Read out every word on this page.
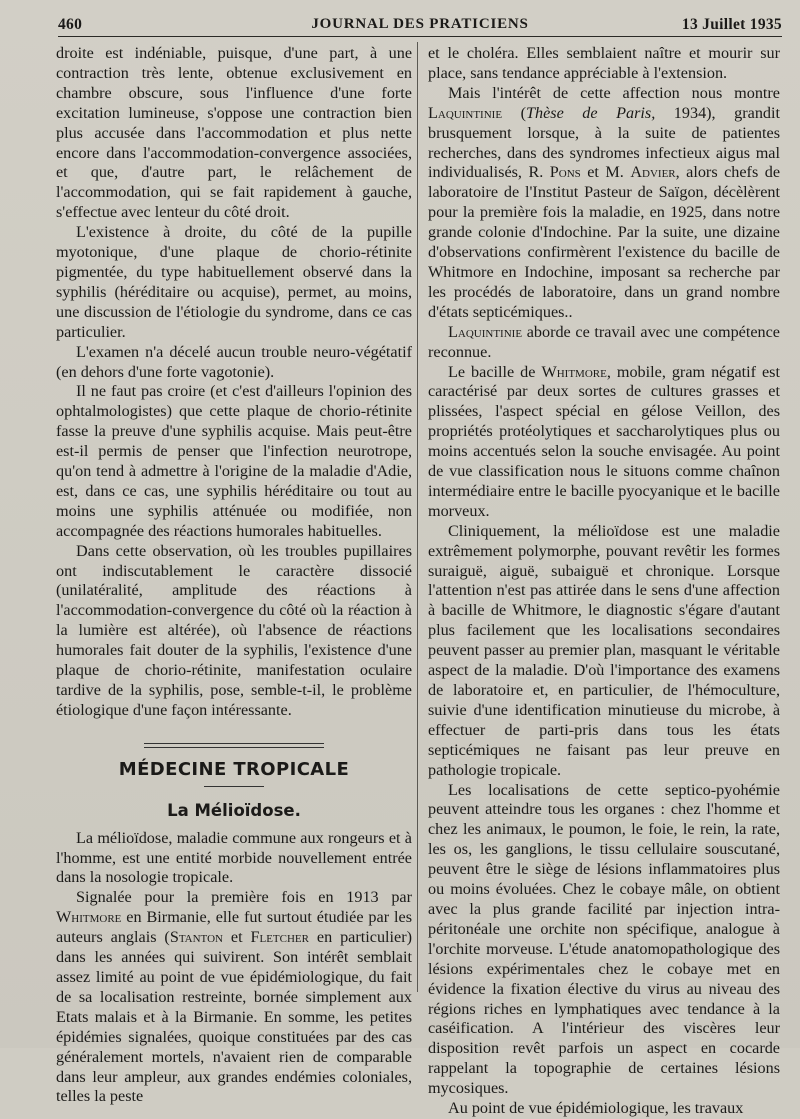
460	JOURNAL DES PRATICIENS	13 Juillet 1935

droite est indéniable, puisque, d'une part, à une contraction très lente, obtenue exclusivement en chambre obscure, sous l'influence d'une forte excitation lumineuse, s'oppose une contraction bien plus accusée dans l'accommodation et plus nette encore dans l'accommodation-convergence associées, et que, d'autre part, le relâchement de l'accommodation, qui se fait rapidement à gauche, s'effectue avec lenteur du côté droit.

L'existence à droite, du côté de la pupille myotonique, d'une plaque de chorio-rétinite pigmentée, du type habituellement observé dans la syphilis (héréditaire ou acquise), permet, au moins, une discussion de l'étiologie du syndrome, dans ce cas particulier.

L'examen n'a décelé aucun trouble neuro-végétatif (en dehors d'une forte vagotonie).

Il ne faut pas croire (et c'est d'ailleurs l'opinion des ophtalmologistes) que cette plaque de chorio-rétinite fasse la preuve d'une syphilis acquise. Mais peut-être est-il permis de penser que l'infection neurotrope, qu'on tend à admettre à l'origine de la maladie d'Adie, est, dans ce cas, une syphilis héréditaire ou tout au moins une syphilis atténuée ou modifiée, non accompagnée des réactions humorales habituelles.

Dans cette observation, où les troubles pupillaires ont indiscutablement le caractère dissocié (unilatéralité, amplitude des réactions à l'accommodation-convergence du côté où la réaction à la lumière est altérée), où l'absence de réactions humorales fait douter de la syphilis, l'existence d'une plaque de chorio-rétinite, manifestation oculaire tardive de la syphilis, pose, semble-t-il, le problème étiologique d'une façon intéressante.

MÉDECINE TROPICALE
La Mélioïdose.

La mélioïdose, maladie commune aux rongeurs et à l'homme, est une entité morbide nouvellement entrée dans la nosologie tropicale.

Signalée pour la première fois en 1913 par Whitmore en Birmanie, elle fut surtout étudiée par les auteurs anglais (Stanton et Fletcher en particulier) dans les années qui suivirent. Son intérêt semblait assez limité au point de vue épidémiologique, du fait de sa localisation restreinte, bornée simplement aux Etats malais et à la Birmanie. En somme, les petites épidémies signalées, quoique constituées par des cas généralement mortels, n'avaient rien de comparable dans leur ampleur, aux grandes endémies coloniales, telles la peste

et le choléra. Elles semblaient naître et mourir sur place, sans tendance appréciable à l'extension.

Mais l'intérêt de cette affection nous montre Laquintinie (Thèse de Paris, 1934), grandit brusquement lorsque, à la suite de patientes recherches, dans des syndromes infectieux aigus mal individualisés, R. Pons et M. Advier, alors chefs de laboratoire de l'Institut Pasteur de Saïgon, décèlèrent pour la première fois la maladie, en 1925, dans notre grande colonie d'Indochine. Par la suite, une dizaine d'observations confirmèrent l'existence du bacille de Whitmore en Indochine, imposant sa recherche par les procédés de laboratoire, dans un grand nombre d'états septicémiques..

Laquintinie aborde ce travail avec une compétence reconnue.

Le bacille de Whitmore, mobile, gram négatif est caractérisé par deux sortes de cultures grasses et plissées, l'aspect spécial en gélose Veillon, des propriétés protéolytiques et saccharolytiques plus ou moins accentués selon la souche envisagée. Au point de vue classification nous le situons comme chaînon intermédiaire entre le bacille pyocyanique et le bacille morveux.

Cliniquement, la mélioïdose est une maladie extrêmement polymorphe, pouvant revêtir les formes suraiguë, aiguë, subaiguë et chronique. Lorsque l'attention n'est pas attirée dans le sens d'une affection à bacille de Whitmore, le diagnostic s'égare d'autant plus facilement que les localisations secondaires peuvent passer au premier plan, masquant le véritable aspect de la maladie. D'où l'importance des examens de laboratoire et, en particulier, de l'hémoculture, suivie d'une identification minutieuse du microbe, à effectuer de parti-pris dans tous les états septicémiques ne faisant pas leur preuve en pathologie tropicale.

Les localisations de cette septico-pyohémie peuvent atteindre tous les organes : chez l'homme et chez les animaux, le poumon, le foie, le rein, la rate, les os, les ganglions, le tissu cellulaire souscutané, peuvent être le siège de lésions inflammatoires plus ou moins évoluées. Chez le cobaye mâle, on obtient avec la plus grande facilité par injection intra-péritonéale une orchite non spécifique, analogue à l'orchite morveuse. L'étude anatomopathologique des lésions expérimentales chez le cobaye met en évidence la fixation élective du virus au niveau des régions riches en lymphatiques avec tendance à la caséification. A l'intérieur des viscères leur disposition revêt parfois un aspect en cocarde rappelant la topographie de certaines lésions mycosiques.

Au point de vue épidémiologique, les travaux
